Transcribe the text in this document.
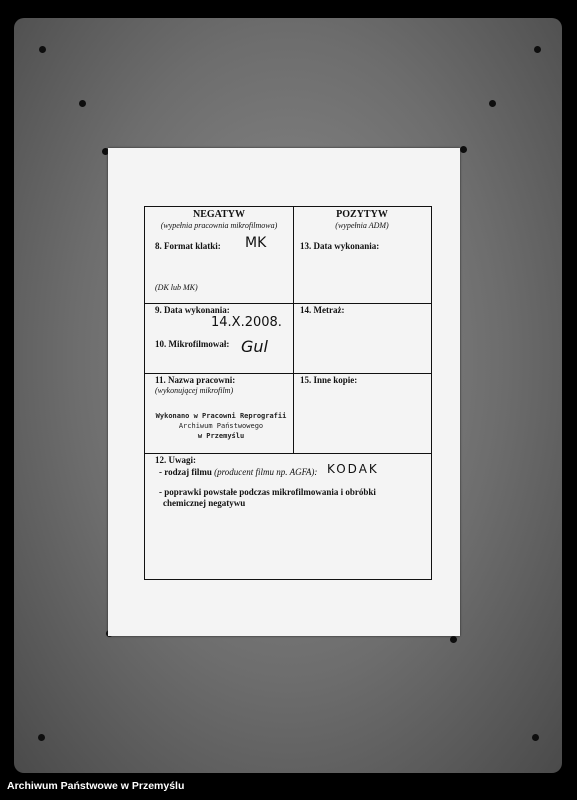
NEGATYW
(wypełnia pracownia mikrofilmowa)
POZYTYW
(wypełnia ADM)
8. Format klatki: MK
(DK lub MK)
13. Data wykonania:
9. Data wykonania:
14.X.2008.
14. Metraż:
10. Mikrofilmował: Gul
11. Nazwa pracowni:
(wykonującej mikrofilm)
Wykonano w Pracowni Reprografii
Archiwum Państwowego
w Przemyślu
15. Inne kopie:
12. Uwagi:
- rodzaj filmu (producent filmu np. AGFA): KODAK
- poprawki powstałe podczas mikrofilmowania i obróbki
chemicznej negatywu
Archiwum Państwowe w Przemyślu
